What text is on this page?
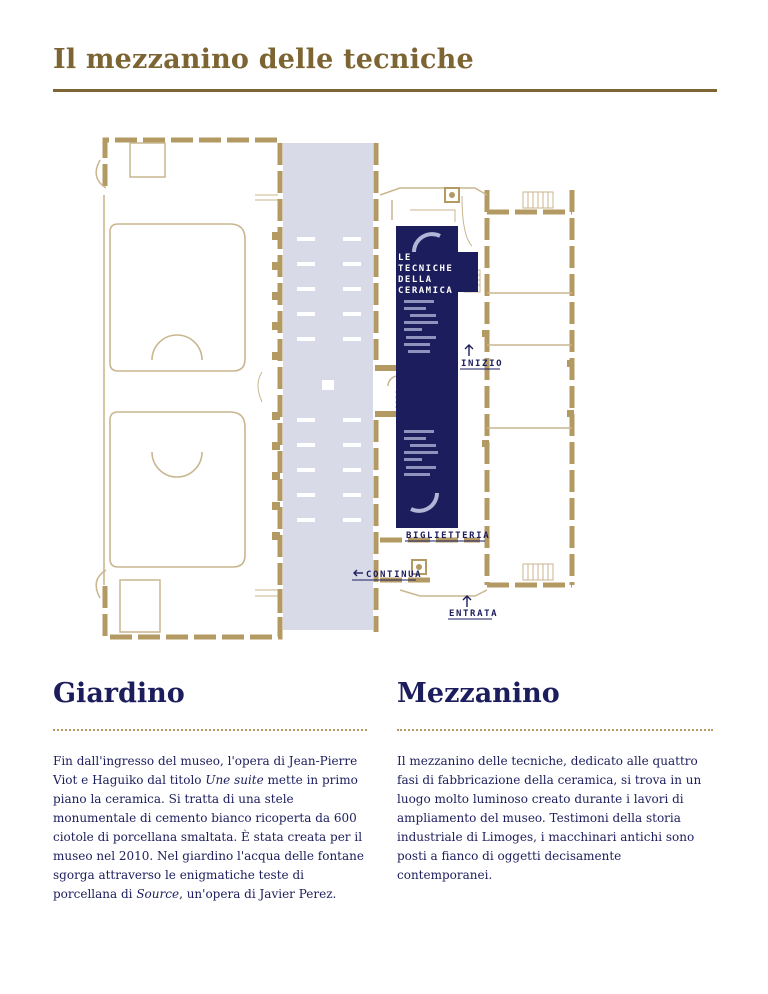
Il mezzanino delle tecniche
LE
TECNICHE
DELLA
CERAMICA
INIZIO
BIGLIETTERIA
CONTINUA
ENTRATA
Giardino

Fin dall'ingresso del museo, l'opera di Jean-Pierre Viot e Haguiko dal titolo Une suite mette in primo piano la ceramica. Si tratta di una stele monumentale di cemento bianco ricoperta da 600 ciotole di porcellana smaltata. È stata creata per il museo nel 2010. Nel giardino l'acqua delle fontane sgorga attraverso le enigmatiche teste di porcellana di Source, un'opera di Javier Perez.

Mezzanino

Il mezzanino delle tecniche, dedicato alle quattro fasi di fabbricazione della ceramica, si trova in un luogo molto luminoso creato durante i lavori di ampliamento del museo. Testimoni della storia industriale di Limoges, i macchinari antichi sono posti a fianco di oggetti decisamente contemporanei.
